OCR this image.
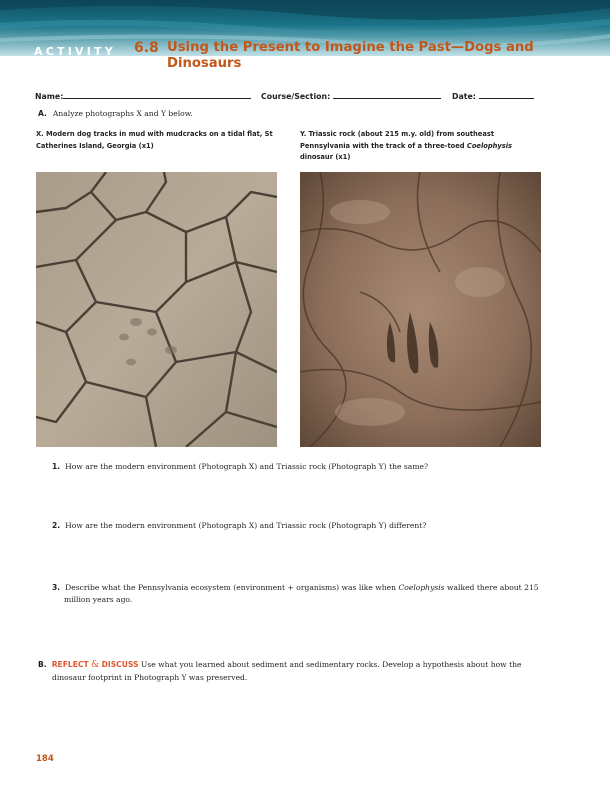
ACTIVITY 6.8 Using the Present to Imagine the Past—Dogs and Dinosaurs
Name:	Course/Section:	Date:
A. Analyze photographs X and Y below.
X. Modern dog tracks in mud with mudcracks on a tidal flat, St Catherines Island, Georgia (x1)
Y. Triassic rock (about 215 m.y. old) from southeast Pennsylvania with the track of a three-toed Coelophysis dinosaur (x1)
1. How are the modern environment (Photograph X) and Triassic rock (Photograph Y) the same?
2. How are the modern environment (Photograph X) and Triassic rock (Photograph Y) different?
3. Describe what the Pennsylvania ecosystem (environment + organisms) was like when Coelophysis walked there about 215 million years ago.
B. REFLECT & DISCUSS Use what you learned about sediment and sedimentary rocks. Develop a hypothesis about how the dinosaur footprint in Photograph Y was preserved.
184
